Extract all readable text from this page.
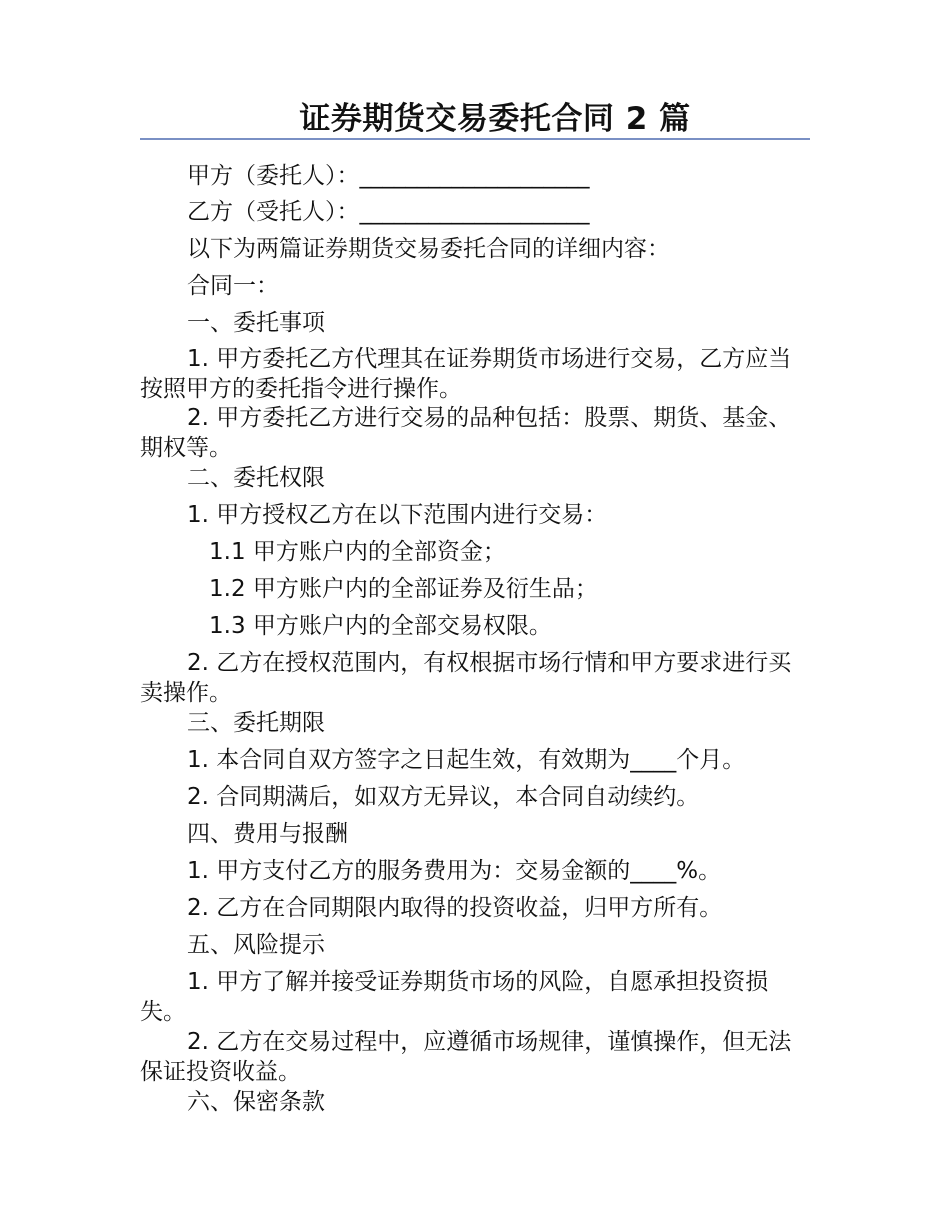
证券期货交易委托合同 2 篇
甲方（委托人）：____________________
乙方（受托人）：____________________
以下为两篇证券期货交易委托合同的详细内容：
合同一：
一、委托事项
1. 甲方委托乙方代理其在证券期货市场进行交易，乙方应当按照甲方的委托指令进行操作。
2. 甲方委托乙方进行交易的品种包括：股票、期货、基金、期权等。
二、委托权限
1. 甲方授权乙方在以下范围内进行交易：
1.1 甲方账户内的全部资金；
1.2 甲方账户内的全部证券及衍生品；
1.3 甲方账户内的全部交易权限。
2. 乙方在授权范围内，有权根据市场行情和甲方要求进行买卖操作。
三、委托期限
1. 本合同自双方签字之日起生效，有效期为____个月。
2. 合同期满后，如双方无异议，本合同自动续约。
四、费用与报酬
1. 甲方支付乙方的服务费用为：交易金额的____%。
2. 乙方在合同期限内取得的投资收益，归甲方所有。
五、风险提示
1. 甲方了解并接受证券期货市场的风险，自愿承担投资损失。
2. 乙方在交易过程中，应遵循市场规律，谨慎操作，但无法保证投资收益。
六、保密条款
